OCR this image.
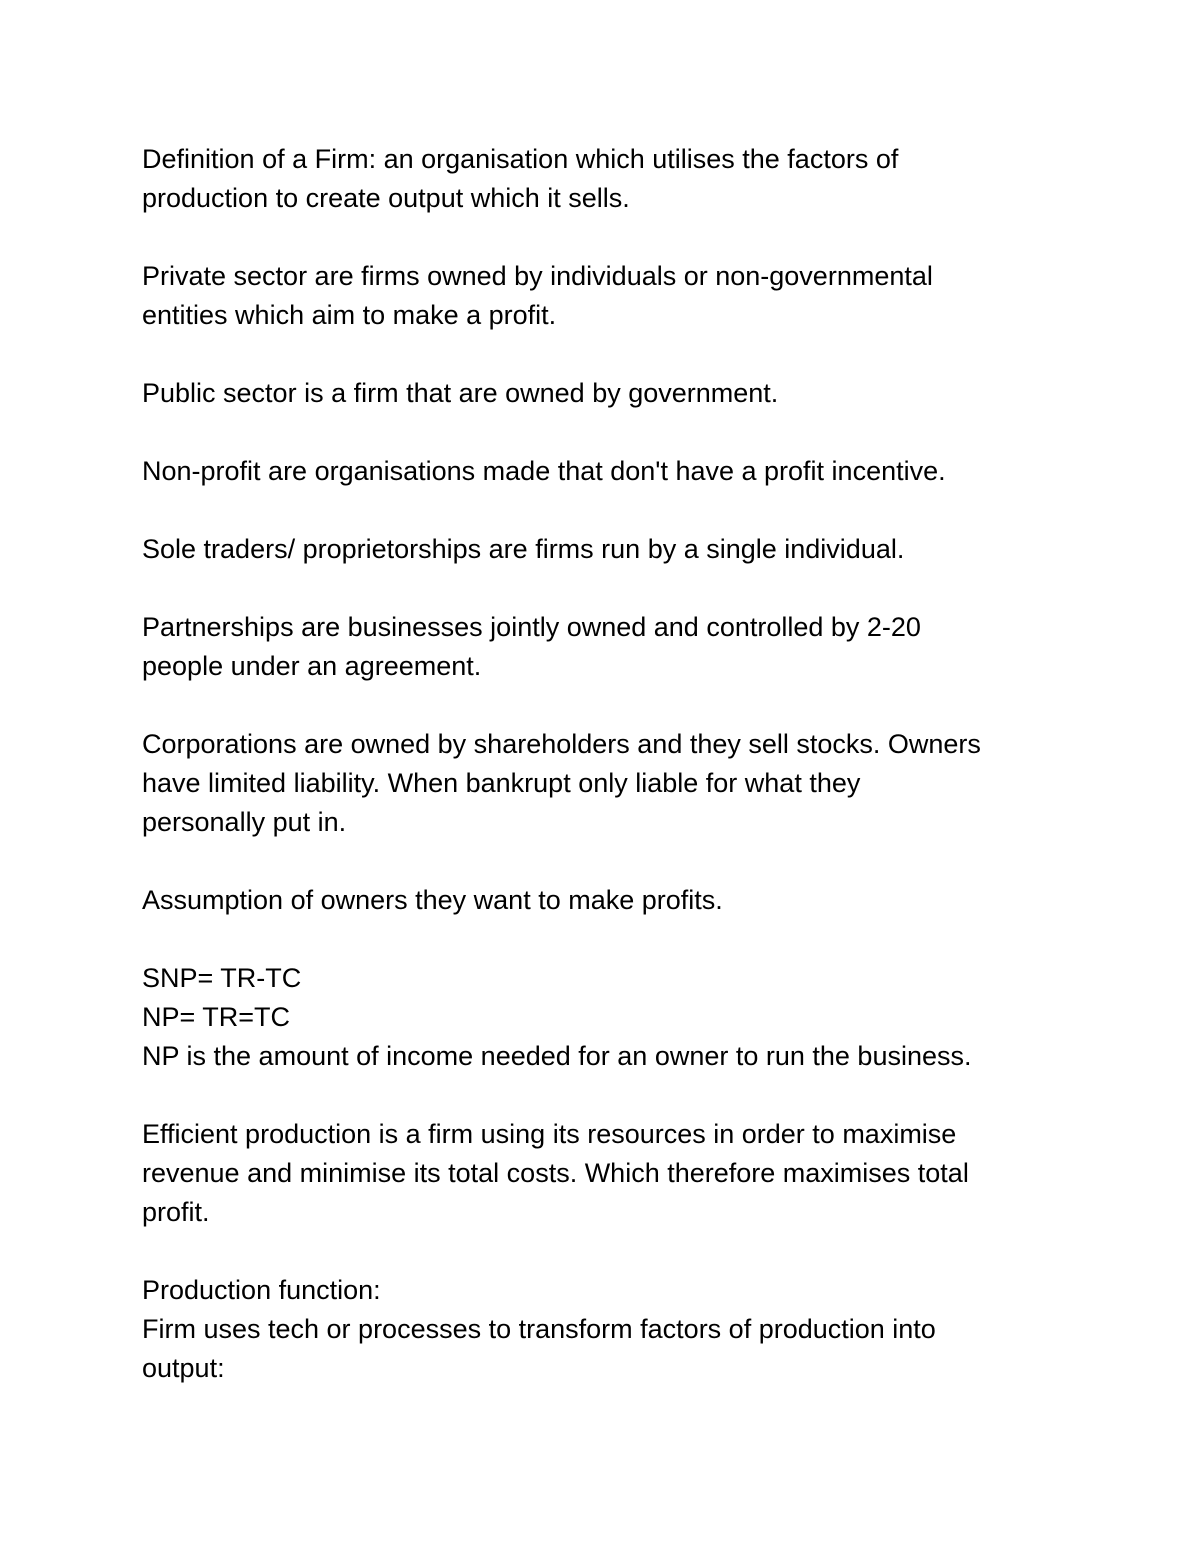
Definition of a Firm: an organisation which utilises the factors of
production to create output which it sells.

Private sector are firms owned by individuals or non-governmental
entities which aim to make a profit.

Public sector is a firm that are owned by government.

Non-profit are organisations made that don't have a profit incentive.

Sole traders/ proprietorships are firms run by a single individual.

Partnerships are businesses jointly owned and controlled by 2-20
people under an agreement.

Corporations are owned by shareholders and they sell stocks. Owners
have limited liability. When bankrupt only liable for what they
personally put in.

Assumption of owners they want to make profits.

SNP= TR-TC
NP= TR=TC
NP is the amount of income needed for an owner to run the business.

Efficient production is a firm using its resources in order to maximise
revenue and minimise its total costs. Which therefore maximises total
profit.

Production function:
Firm uses tech or processes to transform factors of production into
output:
